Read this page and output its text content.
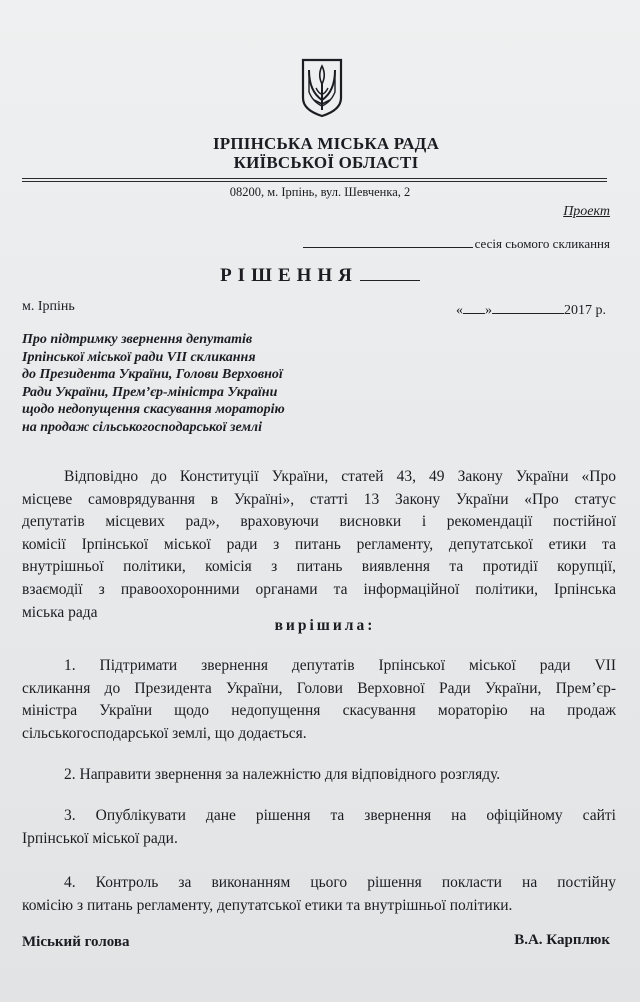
ІРПІНСЬКА МІСЬКА РАДА
КИЇВСЬКОЇ ОБЛАСТІ
08200, м. Ірпінь, вул. Шевченка, 2
Проект
сесія сьомого скликання
РІШЕННЯ
м. Ірпінь	« »	2017 р.
Про підтримку звернення депутатів
Ірпінської міської ради VII скликання
до Президента України, Голови Верховної
Ради України, Прем’єр-міністра України
щодо недопущення скасування мораторію
на продаж сільськогосподарської землі
Відповідно до Конституції України, статей 43, 49 Закону України «Про
місцеве самоврядування в Україні», статті 13 Закону України «Про статус
депутатів місцевих рад», враховуючи висновки і рекомендації постійної
комісії Ірпінської міської ради з питань регламенту, депутатської етики та
внутрішньої політики, комісія з питань виявлення та протидії корупції,
взаємодії з правоохоронними органами та інформаційної політики, Ірпінська
міська рада
вирішила:
1. Підтримати звернення депутатів Ірпінської міської ради VII
скликання до Президента України, Голови Верховної Ради України, Прем’єр-
міністра України щодо недопущення скасування мораторію на продаж
сільськогосподарської землі, що додається.
2. Направити звернення за належністю для відповідного розгляду.
3. Опублікувати дане рішення та звернення на офіційному сайті
Ірпінської міської ради.
4. Контроль за виконанням цього рішення покласти на постійну
комісію з питань регламенту, депутатської етики та внутрішньої політики.
Міський голова	В.А. Карплюк
